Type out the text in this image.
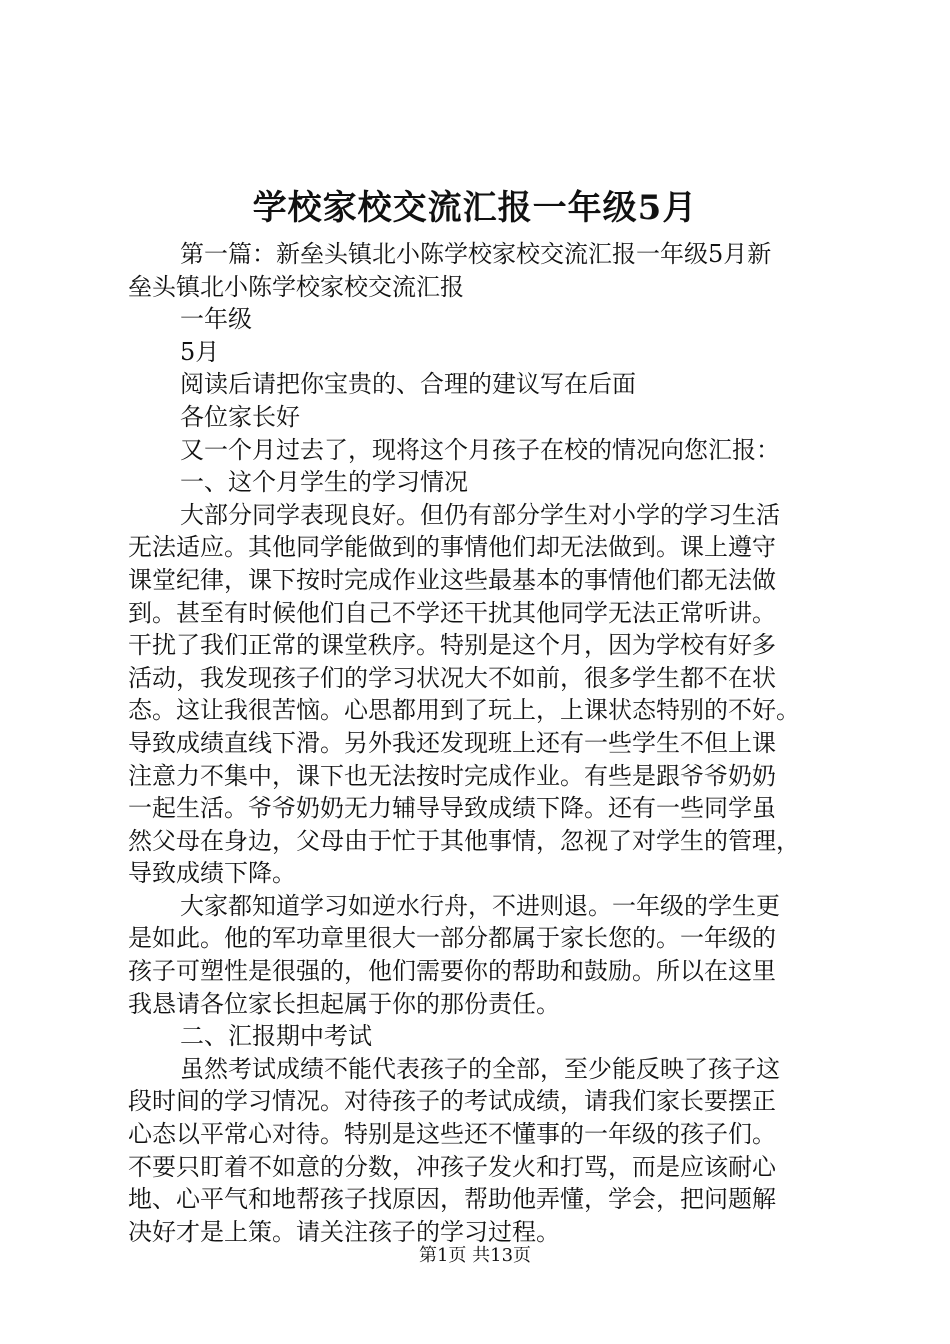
学校家校交流汇报一年级5月

第一篇：新垒头镇北小陈学校家校交流汇报一年级5月新

垒头镇北小陈学校家校交流汇报

一年级

5月

阅读后请把你宝贵的、合理的建议写在后面

各位家长好

又一个月过去了，现将这个月孩子在校的情况向您汇报：

一、这个月学生的学习情况

大部分同学表现良好。但仍有部分学生对小学的学习生活

无法适应。其他同学能做到的事情他们却无法做到。课上遵守

课堂纪律，课下按时完成作业这些最基本的事情他们都无法做

到。甚至有时候他们自己不学还干扰其他同学无法正常听讲。

干扰了我们正常的课堂秩序。特别是这个月，因为学校有好多

活动，我发现孩子们的学习状况大不如前，很多学生都不在状

态。这让我很苦恼。心思都用到了玩上，上课状态特别的不好。

导致成绩直线下滑。另外我还发现班上还有一些学生不但上课

注意力不集中，课下也无法按时完成作业。有些是跟爷爷奶奶

一起生活。爷爷奶奶无力辅导导致成绩下降。还有一些同学虽

然父母在身边，父母由于忙于其他事情，忽视了对学生的管理，

导致成绩下降。

大家都知道学习如逆水行舟，不进则退。一年级的学生更

是如此。他的军功章里很大一部分都属于家长您的。一年级的

孩子可塑性是很强的，他们需要你的帮助和鼓励。所以在这里

我恳请各位家长担起属于你的那份责任。

二、汇报期中考试

虽然考试成绩不能代表孩子的全部，至少能反映了孩子这

段时间的学习情况。对待孩子的考试成绩，请我们家长要摆正

心态以平常心对待。特别是这些还不懂事的一年级的孩子们。

不要只盯着不如意的分数，冲孩子发火和打骂，而是应该耐心

地、心平气和地帮孩子找原因，帮助他弄懂，学会，把问题解

决好才是上策。请关注孩子的学习过程。

第1页 共13页
